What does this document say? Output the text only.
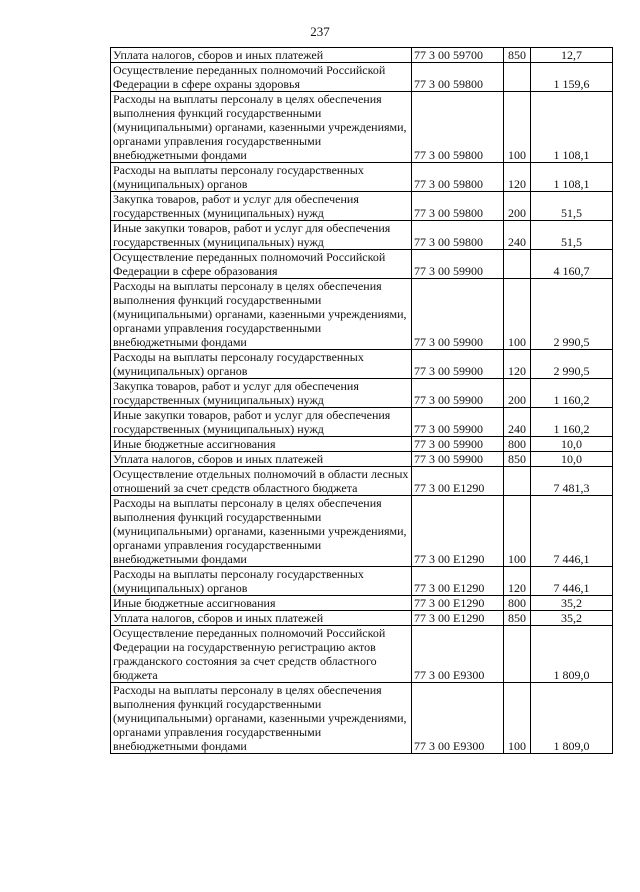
237
Уплата налогов, сборов и иных платежей	77 3 00 59700	850	12,7
Осуществление переданных полномочий Российской Федерации в сфере охраны здоровья	77 3 00 59800		1 159,6
Расходы на выплаты персоналу в целях обеспечения выполнения функций государственными (муниципальными) органами, казенными учреждениями, органами управления государственными внебюджетными фондами	77 3 00 59800	100	1 108,1
Расходы на выплаты персоналу государственных (муниципальных) органов	77 3 00 59800	120	1 108,1
Закупка товаров, работ и услуг для обеспечения государственных (муниципальных) нужд	77 3 00 59800	200	51,5
Иные закупки товаров, работ и услуг для обеспечения государственных (муниципальных) нужд	77 3 00 59800	240	51,5
Осуществление переданных полномочий Российской Федерации в сфере образования	77 3 00 59900		4 160,7
Расходы на выплаты персоналу в целях обеспечения выполнения функций государственными (муниципальными) органами, казенными учреждениями, органами управления государственными внебюджетными фондами	77 3 00 59900	100	2 990,5
Расходы на выплаты персоналу государственных (муниципальных) органов	77 3 00 59900	120	2 990,5
Закупка товаров, работ и услуг для обеспечения государственных (муниципальных) нужд	77 3 00 59900	200	1 160,2
Иные закупки товаров, работ и услуг для обеспечения государственных (муниципальных) нужд	77 3 00 59900	240	1 160,2
Иные бюджетные ассигнования	77 3 00 59900	800	10,0
Уплата налогов, сборов и иных платежей	77 3 00 59900	850	10,0
Осуществление отдельных полномочий в области лесных отношений за счет средств областного бюджета	77 3 00 E1290		7 481,3
Расходы на выплаты персоналу в целях обеспечения выполнения функций государственными (муниципальными) органами, казенными учреждениями, органами управления государственными внебюджетными фондами	77 3 00 E1290	100	7 446,1
Расходы на выплаты персоналу государственных (муниципальных) органов	77 3 00 E1290	120	7 446,1
Иные бюджетные ассигнования	77 3 00 E1290	800	35,2
Уплата налогов, сборов и иных платежей	77 3 00 E1290	850	35,2
Осуществление переданных полномочий Российской Федерации на государственную регистрацию актов гражданского состояния за счет средств областного бюджета	77 3 00 E9300		1 809,0
Расходы на выплаты персоналу в целях обеспечения выполнения функций государственными (муниципальными) органами, казенными учреждениями, органами управления государственными внебюджетными фондами	77 3 00 E9300	100	1 809,0
